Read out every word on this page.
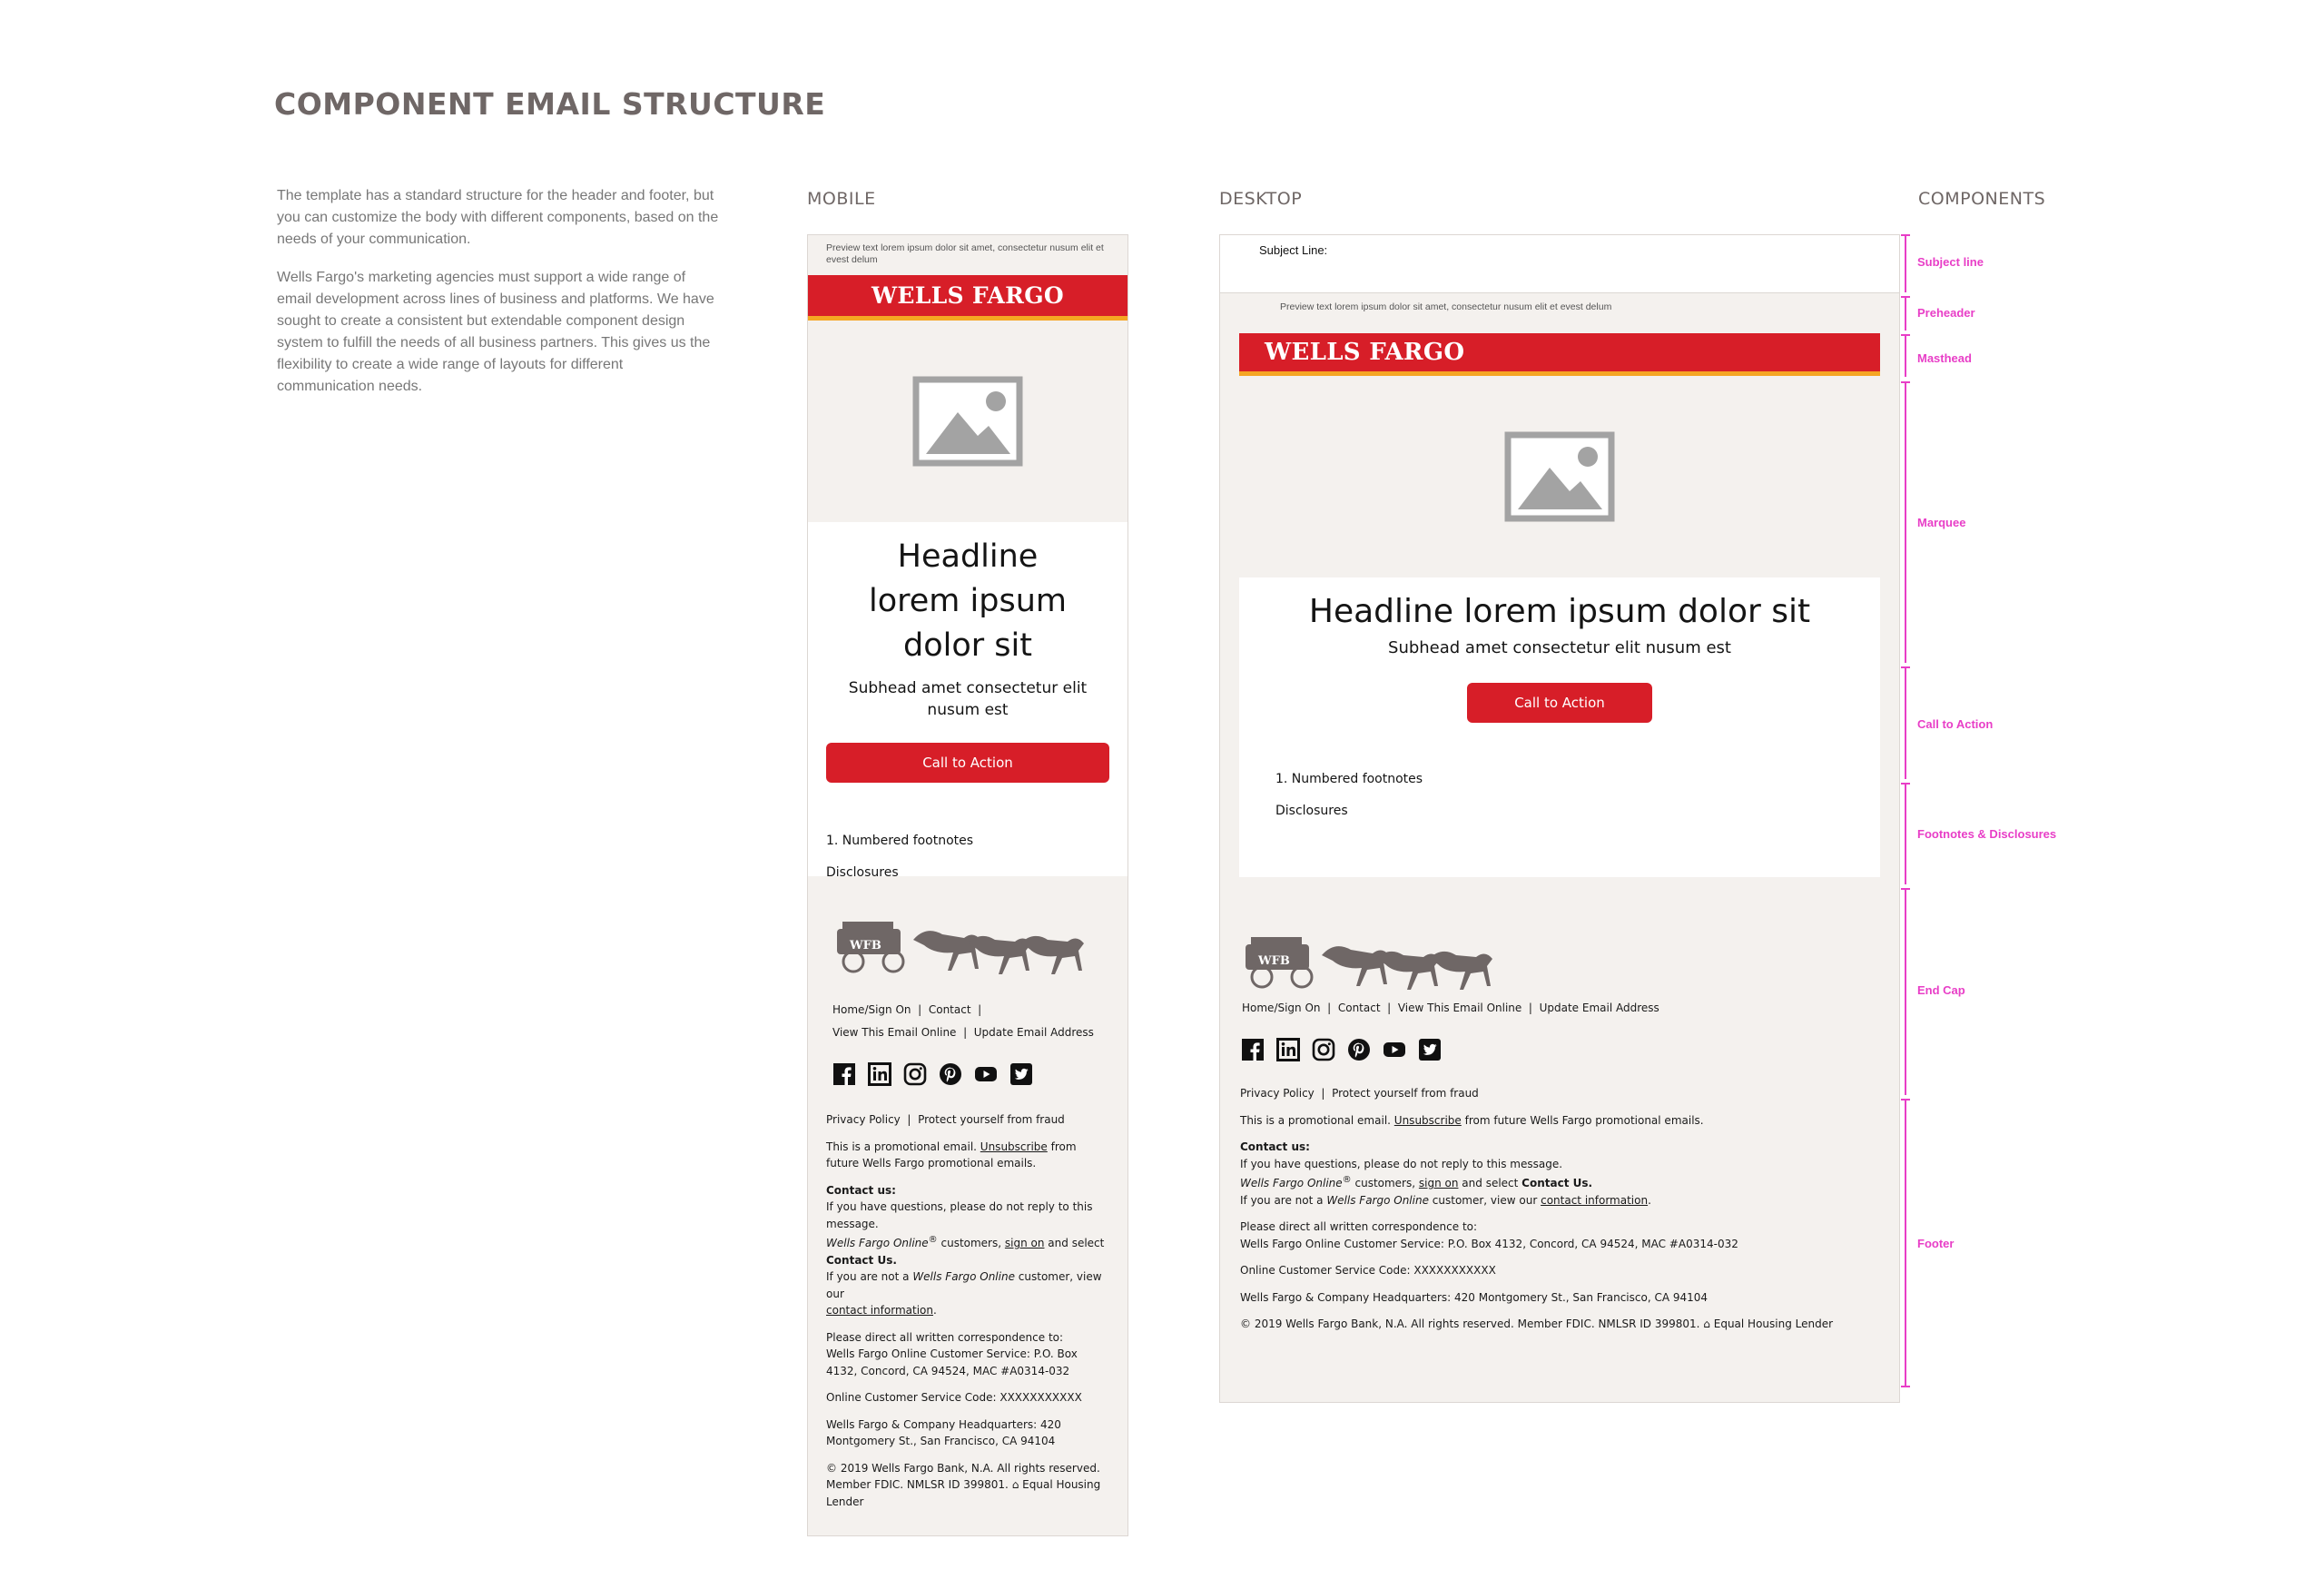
COMPONENT EMAIL STRUCTURE

The template has a standard structure for the header and footer, but you can customize the body with different components, based on the needs of your communication.

Wells Fargo's marketing agencies must support a wide range of email development across lines of business and platforms. We have sought to create a consistent but extendable component design system to fulfill the needs of all business partners. This gives us the flexibility to create a wide range of layouts for different communication needs.

MOBILE	DESKTOP	COMPONENTS
Preview text lorem ipsum dolor sit amet, consectetur nusum elit et evest delum
WELLS FARGO
Headline lorem ipsum dolor sit
Subhead amet consectetur elit nusum est
Call to Action
1. Numbered footnotes
Disclosures
WFB
Home/Sign On  |  Contact  |
View This Email Online  |  Update Email Address

Privacy Policy  |  Protect yourself from fraud

This is a promotional email. Unsubscribe from future Wells Fargo promotional emails.

Contact us:
If you have questions, please do not reply to this message.
Wells Fargo Online® customers, sign on and select
Contact Us.
If you are not a Wells Fargo Online customer, view our
contact information.

Please direct all written correspondence to:
Wells Fargo Online Customer Service: P.O. Box 4132, Concord, CA 94524, MAC #A0314-032

Online Customer Service Code: XXXXXXXXXXX

Wells Fargo & Company Headquarters: 420 Montgomery St., San Francisco, CA 94104

© 2019 Wells Fargo Bank, N.A. All rights reserved. Member FDIC. NMLSR ID 399801. ⌂ Equal Housing Lender

Subject Line:
Preview text lorem ipsum dolor sit amet, consectetur nusum elit et evest delum
WELLS FARGO
Headline lorem ipsum dolor sit
Subhead amet consectetur elit nusum est
Call to Action
1. Numbered footnotes
Disclosures
WFB
Home/Sign On  |  Contact  |  View This Email Online  |  Update Email Address

Privacy Policy  |  Protect yourself from fraud

This is a promotional email. Unsubscribe from future Wells Fargo promotional emails.

Contact us:
If you have questions, please do not reply to this message.
Wells Fargo Online® customers, sign on and select Contact Us.
If you are not a Wells Fargo Online customer, view our contact information.

Please direct all written correspondence to:
Wells Fargo Online Customer Service: P.O. Box 4132, Concord, CA 94524, MAC #A0314-032

Online Customer Service Code: XXXXXXXXXXX

Wells Fargo & Company Headquarters: 420 Montgomery St., San Francisco, CA 94104

© 2019 Wells Fargo Bank, N.A. All rights reserved. Member FDIC. NMLSR ID 399801. ⌂ Equal Housing Lender

Subject line
Preheader
Masthead
Marquee
Call to Action
Footnotes & Disclosures
End Cap
Footer
